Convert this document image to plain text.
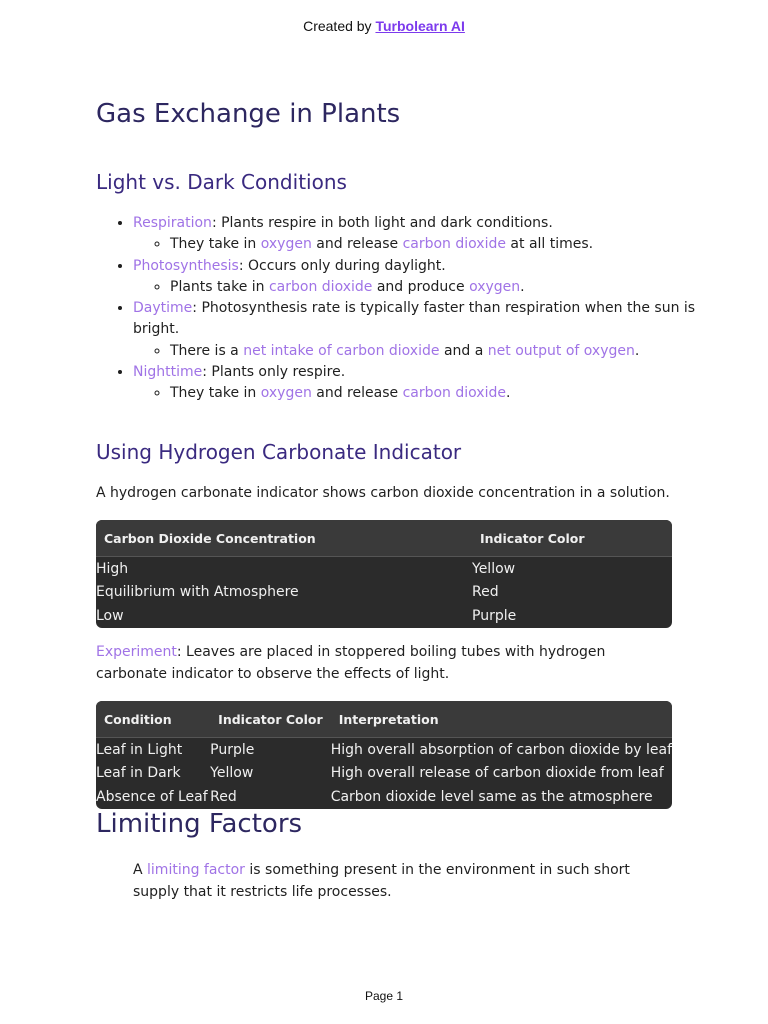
Created by Turbolearn AI
Gas Exchange in Plants
Light vs. Dark Conditions
• Respiration: Plants respire in both light and dark conditions.
◦ They take in oxygen and release carbon dioxide at all times.
• Photosynthesis: Occurs only during daylight.
◦ Plants take in carbon dioxide and produce oxygen.
• Daytime: Photosynthesis rate is typically faster than respiration when the sun is bright.
◦ There is a net intake of carbon dioxide and a net output of oxygen.
• Nighttime: Plants only respire.
◦ They take in oxygen and release carbon dioxide.
Using Hydrogen Carbonate Indicator

A hydrogen carbonate indicator shows carbon dioxide concentration in a solution.

Carbon Dioxide Concentration	Indicator Color
High	Yellow
Equilibrium with Atmosphere	Red
Low	Purple

Experiment: Leaves are placed in stoppered boiling tubes with hydrogen carbonate indicator to observe the effects of light.

Condition	Indicator Color	Interpretation
Leaf in Light	Purple	High overall absorption of carbon dioxide by leaf
Leaf in Dark	Yellow	High overall release of carbon dioxide from leaf
Absence of Leaf	Red	Carbon dioxide level same as the atmosphere
Limiting Factors

A limiting factor is something present in the environment in such short supply that it restricts life processes.

Page 1
